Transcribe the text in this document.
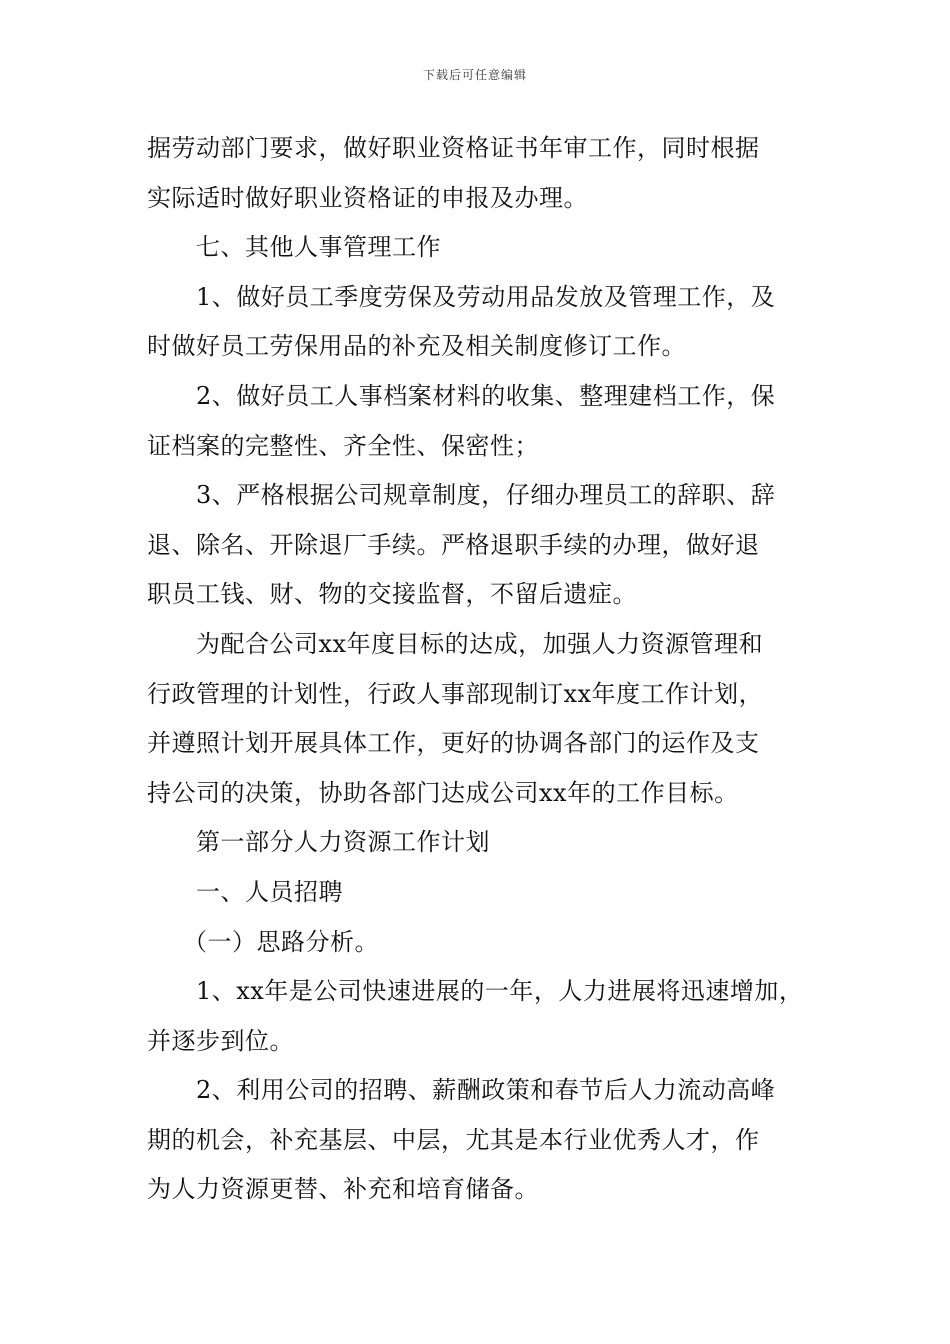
下载后可任意编辑
据劳动部门要求，做好职业资格证书年审工作，同时根据
实际适时做好职业资格证的申报及办理。
七、其他人事管理工作
1、做好员工季度劳保及劳动用品发放及管理工作，及
时做好员工劳保用品的补充及相关制度修订工作。
2、做好员工人事档案材料的收集、整理建档工作，保
证档案的完整性、齐全性、保密性；
3、严格根据公司规章制度，仔细办理员工的辞职、辞
退、除名、开除退厂手续。严格退职手续的办理，做好退
职员工钱、财、物的交接监督，不留后遗症。
为配合公司xx年度目标的达成，加强人力资源管理和
行政管理的计划性，行政人事部现制订xx年度工作计划，
并遵照计划开展具体工作，更好的协调各部门的运作及支
持公司的决策，协助各部门达成公司xx年的工作目标。
第一部分人力资源工作计划
一、人员招聘
（一）思路分析。
1、xx年是公司快速进展的一年，人力进展将迅速增加，
并逐步到位。
2、利用公司的招聘、薪酬政策和春节后人力流动高峰
期的机会，补充基层、中层，尤其是本行业优秀人才，作
为人力资源更替、补充和培育储备。
